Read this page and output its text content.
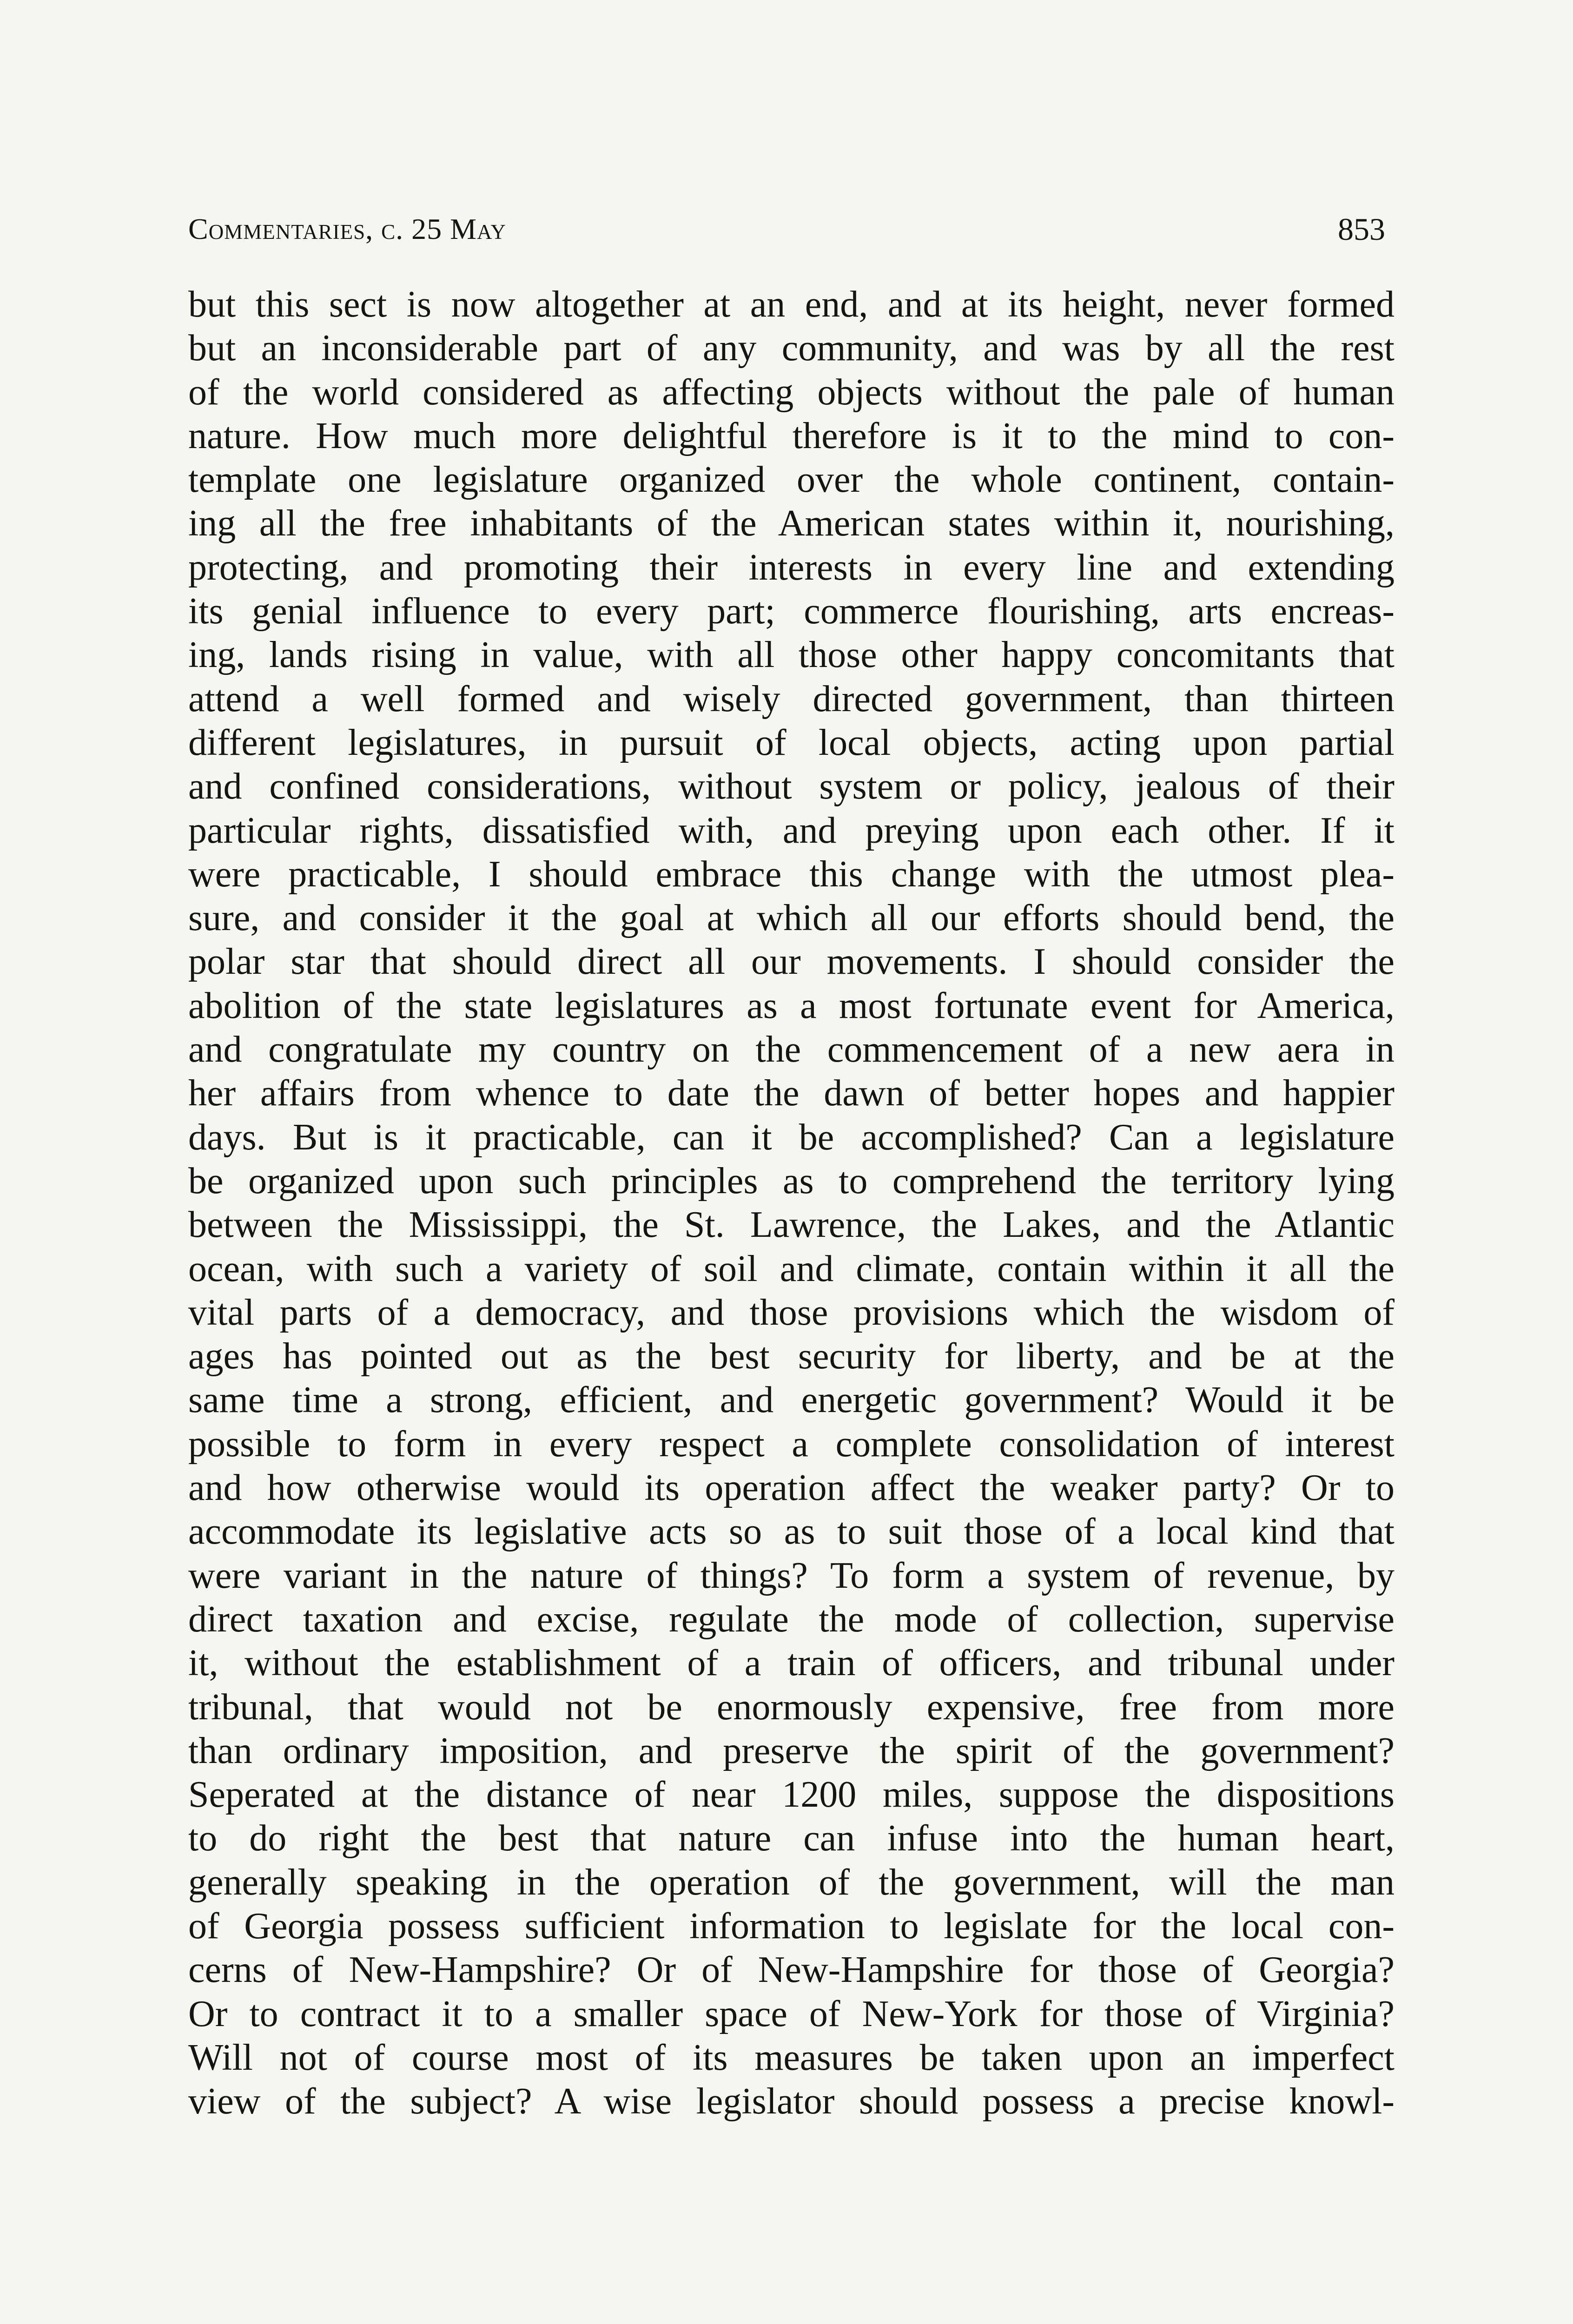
Commentaries, c. 25 May	853
but this sect is now altogether at an end, and at its height, never formed
but an inconsiderable part of any community, and was by all the rest
of the world considered as affecting objects without the pale of human
nature. How much more delightful therefore is it to the mind to con-
template one legislature organized over the whole continent, contain-
ing all the free inhabitants of the American states within it, nourishing,
protecting, and promoting their interests in every line and extending
its genial influence to every part; commerce flourishing, arts encreas-
ing, lands rising in value, with all those other happy concomitants that
attend a well formed and wisely directed government, than thirteen
different legislatures, in pursuit of local objects, acting upon partial
and confined considerations, without system or policy, jealous of their
particular rights, dissatisfied with, and preying upon each other. If it
were practicable, I should embrace this change with the utmost plea-
sure, and consider it the goal at which all our efforts should bend, the
polar star that should direct all our movements. I should consider the
abolition of the state legislatures as a most fortunate event for America,
and congratulate my country on the commencement of a new aera in
her affairs from whence to date the dawn of better hopes and happier
days. But is it practicable, can it be accomplished? Can a legislature
be organized upon such principles as to comprehend the territory lying
between the Mississippi, the St. Lawrence, the Lakes, and the Atlantic
ocean, with such a variety of soil and climate, contain within it all the
vital parts of a democracy, and those provisions which the wisdom of
ages has pointed out as the best security for liberty, and be at the
same time a strong, efficient, and energetic government? Would it be
possible to form in every respect a complete consolidation of interest
and how otherwise would its operation affect the weaker party? Or to
accommodate its legislative acts so as to suit those of a local kind that
were variant in the nature of things? To form a system of revenue, by
direct taxation and excise, regulate the mode of collection, supervise
it, without the establishment of a train of officers, and tribunal under
tribunal, that would not be enormously expensive, free from more
than ordinary imposition, and preserve the spirit of the government?
Seperated at the distance of near 1200 miles, suppose the dispositions
to do right the best that nature can infuse into the human heart,
generally speaking in the operation of the government, will the man
of Georgia possess sufficient information to legislate for the local con-
cerns of New-Hampshire? Or of New-Hampshire for those of Georgia?
Or to contract it to a smaller space of New-York for those of Virginia?
Will not of course most of its measures be taken upon an imperfect
view of the subject? A wise legislator should possess a precise knowl-
